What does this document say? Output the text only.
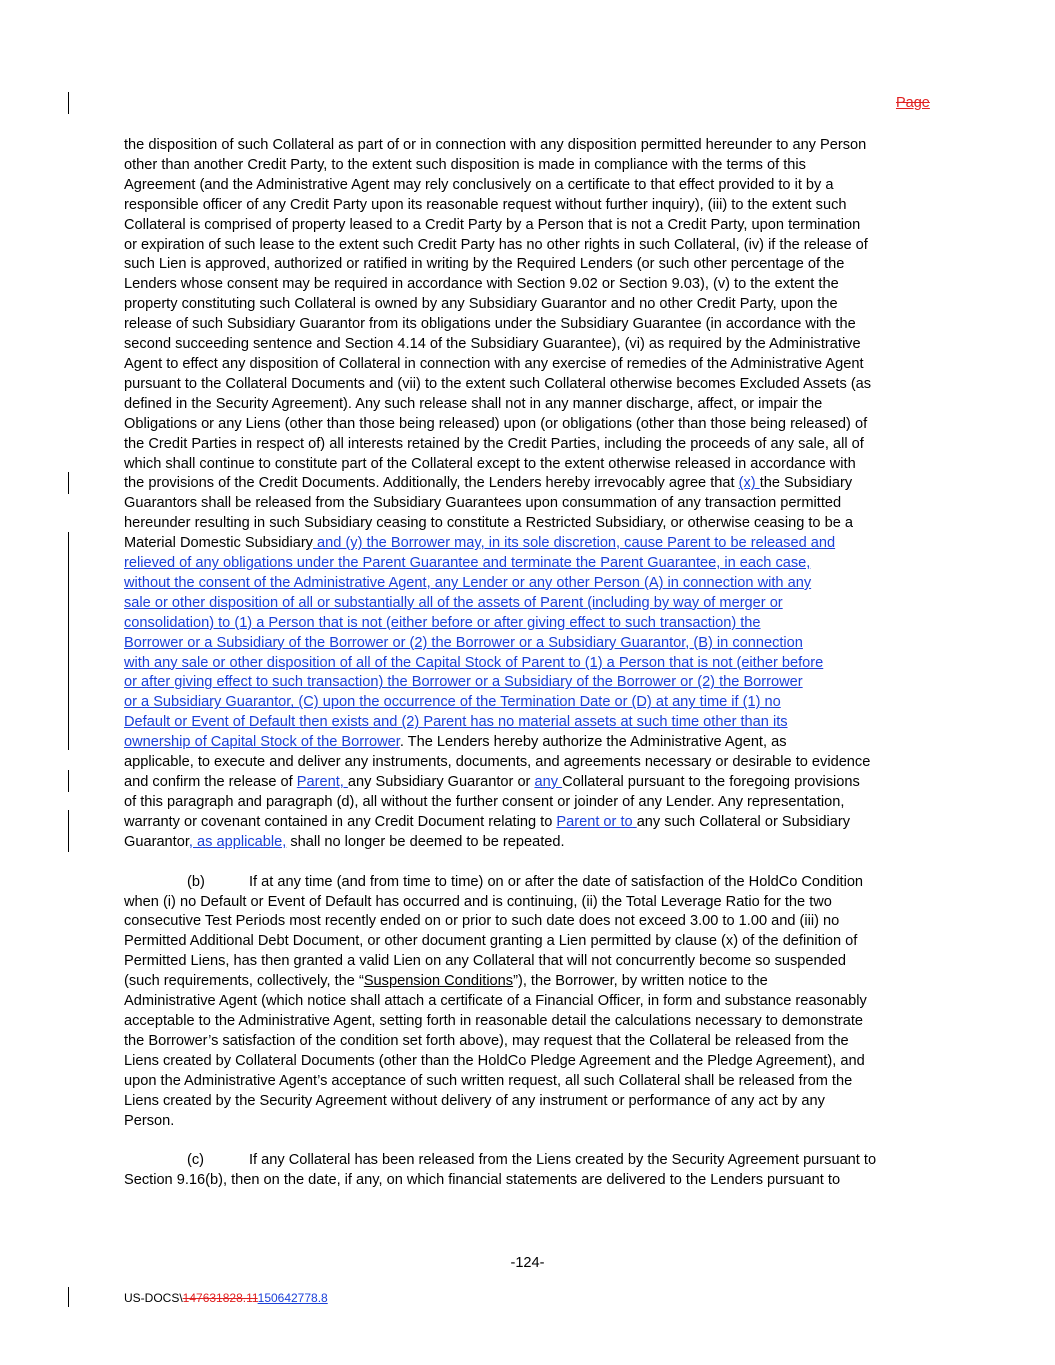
Page
the disposition of such Collateral as part of or in connection with any disposition permitted hereunder to any Person
other than another Credit Party, to the extent such disposition is made in compliance with the terms of this
Agreement (and the Administrative Agent may rely conclusively on a certificate to that effect provided to it by a
responsible officer of any Credit Party upon its reasonable request without further inquiry), (iii) to the extent such
Collateral is comprised of property leased to a Credit Party by a Person that is not a Credit Party, upon termination
or expiration of such lease to the extent such Credit Party has no other rights in such Collateral, (iv) if the release of
such Lien is approved, authorized or ratified in writing by the Required Lenders (or such other percentage of the
Lenders whose consent may be required in accordance with Section 9.02 or Section 9.03), (v) to the extent the
property constituting such Collateral is owned by any Subsidiary Guarantor and no other Credit Party, upon the
release of such Subsidiary Guarantor from its obligations under the Subsidiary Guarantee (in accordance with the
second succeeding sentence and Section 4.14 of the Subsidiary Guarantee), (vi) as required by the Administrative
Agent to effect any disposition of Collateral in connection with any exercise of remedies of the Administrative Agent
pursuant to the Collateral Documents and (vii) to the extent such Collateral otherwise becomes Excluded Assets (as
defined in the Security Agreement). Any such release shall not in any manner discharge, affect, or impair the
Obligations or any Liens (other than those being released) upon (or obligations (other than those being released) of
the Credit Parties in respect of) all interests retained by the Credit Parties, including the proceeds of any sale, all of
which shall continue to constitute part of the Collateral except to the extent otherwise released in accordance with
the provisions of the Credit Documents. Additionally, the Lenders hereby irrevocably agree that (x) the Subsidiary
Guarantors shall be released from the Subsidiary Guarantees upon consummation of any transaction permitted
hereunder resulting in such Subsidiary ceasing to constitute a Restricted Subsidiary, or otherwise ceasing to be a
Material Domestic Subsidiary and (y) the Borrower may, in its sole discretion, cause Parent to be released and
relieved of any obligations under the Parent Guarantee and terminate the Parent Guarantee, in each case,
without the consent of the Administrative Agent, any Lender or any other Person (A) in connection with any
sale or other disposition of all or substantially all of the assets of Parent (including by way of merger or
consolidation) to (1) a Person that is not (either before or after giving effect to such transaction) the
Borrower or a Subsidiary of the Borrower or (2) the Borrower or a Subsidiary Guarantor, (B) in connection
with any sale or other disposition of all of the Capital Stock of Parent to (1) a Person that is not (either before
or after giving effect to such transaction) the Borrower or a Subsidiary of the Borrower or (2) the Borrower
or a Subsidiary Guarantor, (C) upon the occurrence of the Termination Date or (D) at any time if (1) no
Default or Event of Default then exists and (2) Parent has no material assets at such time other than its
ownership of Capital Stock of the Borrower. The Lenders hereby authorize the Administrative Agent, as
applicable, to execute and deliver any instruments, documents, and agreements necessary or desirable to evidence
and confirm the release of Parent, any Subsidiary Guarantor or any Collateral pursuant to the foregoing provisions
of this paragraph and paragraph (d), all without the further consent or joinder of any Lender. Any representation,
warranty or covenant contained in any Credit Document relating to Parent or to any such Collateral or Subsidiary
Guarantor, as applicable, shall no longer be deemed to be repeated.
(b)	If at any time (and from time to time) on or after the date of satisfaction of the HoldCo Condition
when (i) no Default or Event of Default has occurred and is continuing, (ii) the Total Leverage Ratio for the two
consecutive Test Periods most recently ended on or prior to such date does not exceed 3.00 to 1.00 and (iii) no
Permitted Additional Debt Document, or other document granting a Lien permitted by clause (x) of the definition of
Permitted Liens, has then granted a valid Lien on any Collateral that will not concurrently become so suspended
(such requirements, collectively, the “Suspension Conditions”), the Borrower, by written notice to the
Administrative Agent (which notice shall attach a certificate of a Financial Officer, in form and substance reasonably
acceptable to the Administrative Agent, setting forth in reasonable detail the calculations necessary to demonstrate
the Borrower’s satisfaction of the condition set forth above), may request that the Collateral be released from the
Liens created by Collateral Documents (other than the HoldCo Pledge Agreement and the Pledge Agreement), and
upon the Administrative Agent’s acceptance of such written request, all such Collateral shall be released from the
Liens created by the Security Agreement without delivery of any instrument or performance of any act by any
Person.
(c)	If any Collateral has been released from the Liens created by the Security Agreement pursuant to
Section 9.16(b), then on the date, if any, on which financial statements are delivered to the Lenders pursuant to
-124-
US-DOCS\147631828.11150642778.8
